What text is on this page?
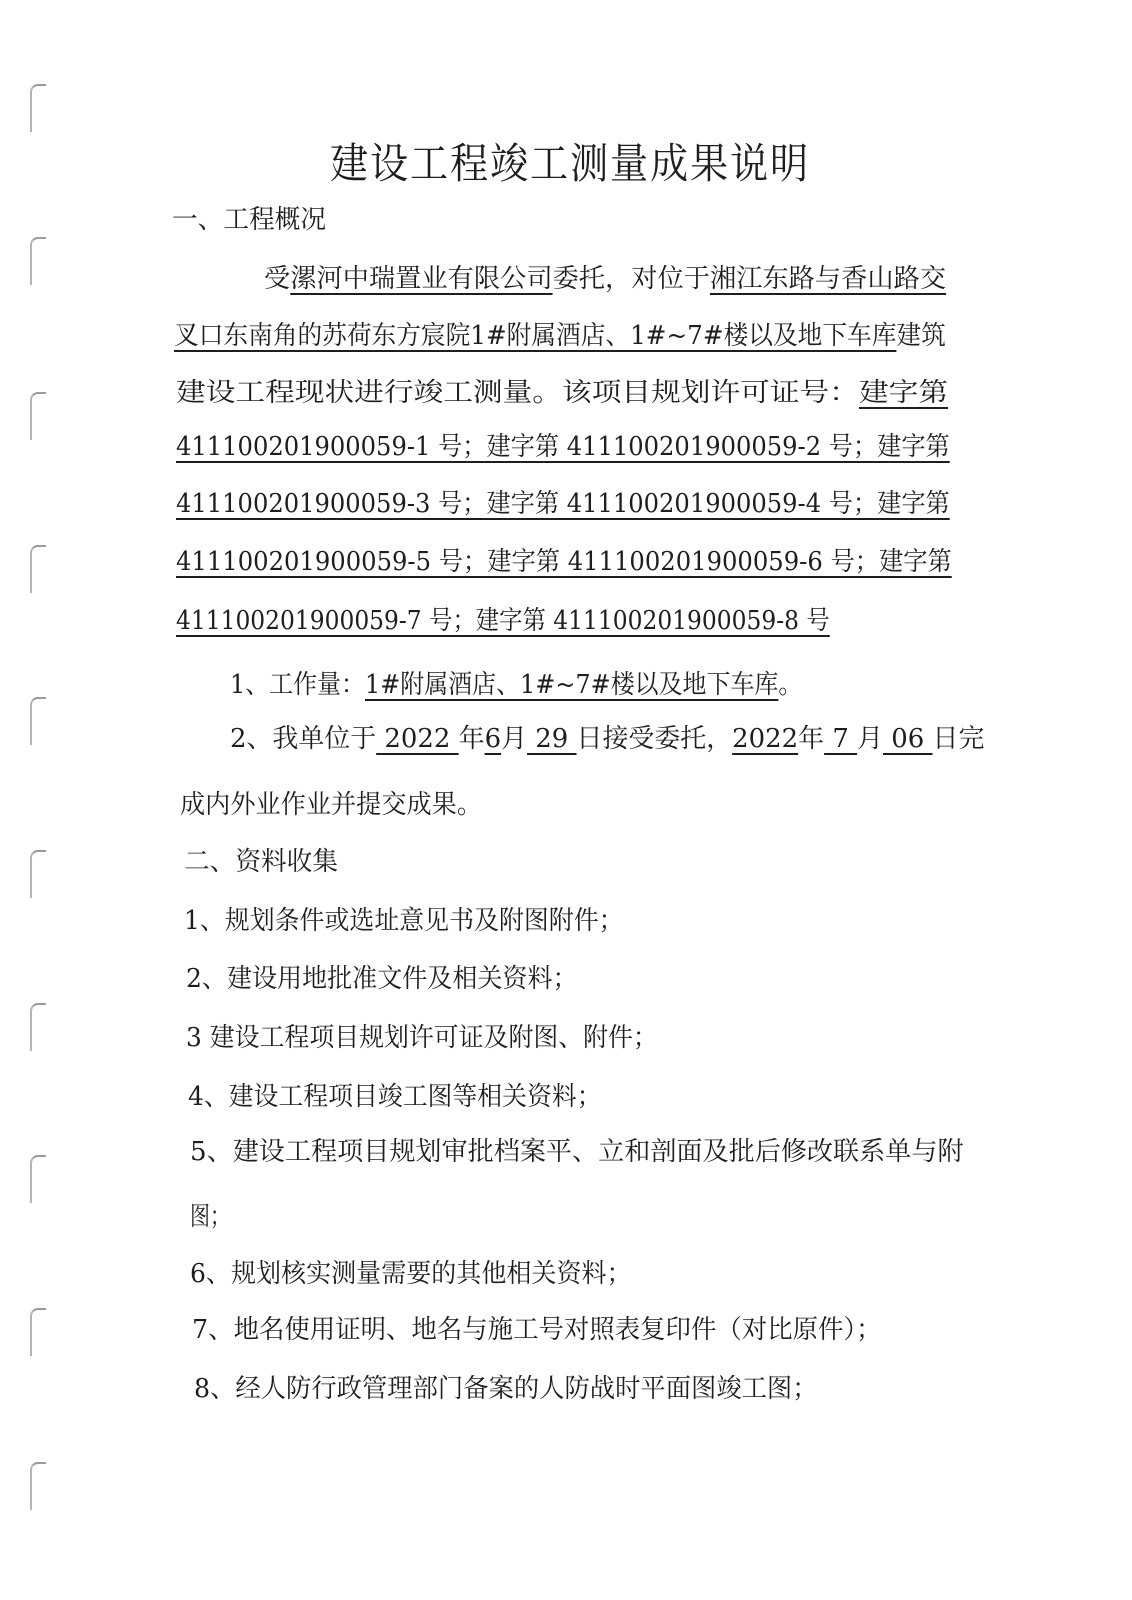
建设工程竣工测量成果说明
一、工程概况
受漯河中瑞置业有限公司委托，对位于湘江东路与香山路交
叉口东南角的苏荷东方宸院1#附属酒店、1#~7#楼以及地下车库建筑
建设工程现状进行竣工测量。该项目规划许可证号：建字第
411100201900059-1 号；建字第 411100201900059-2 号；建字第
411100201900059-3 号；建字第 411100201900059-4 号；建字第
411100201900059-5 号；建字第 411100201900059-6 号；建字第
411100201900059-7 号；建字第 411100201900059-8 号
1、工作量：1#附属酒店、1#~7#楼以及地下车库。
2、我单位于 2022 年6月 29 日接受委托，2022年 7 月 06 日完
成内外业作业并提交成果。
二、资料收集
1、规划条件或选址意见书及附图附件；
2、建设用地批准文件及相关资料；
3 建设工程项目规划许可证及附图、附件；
4、建设工程项目竣工图等相关资料；
5、建设工程项目规划审批档案平、立和剖面及批后修改联系单与附
图；
6、规划核实测量需要的其他相关资料；
7、地名使用证明、地名与施工号对照表复印件（对比原件）；
8、经人防行政管理部门备案的人防战时平面图竣工图；
